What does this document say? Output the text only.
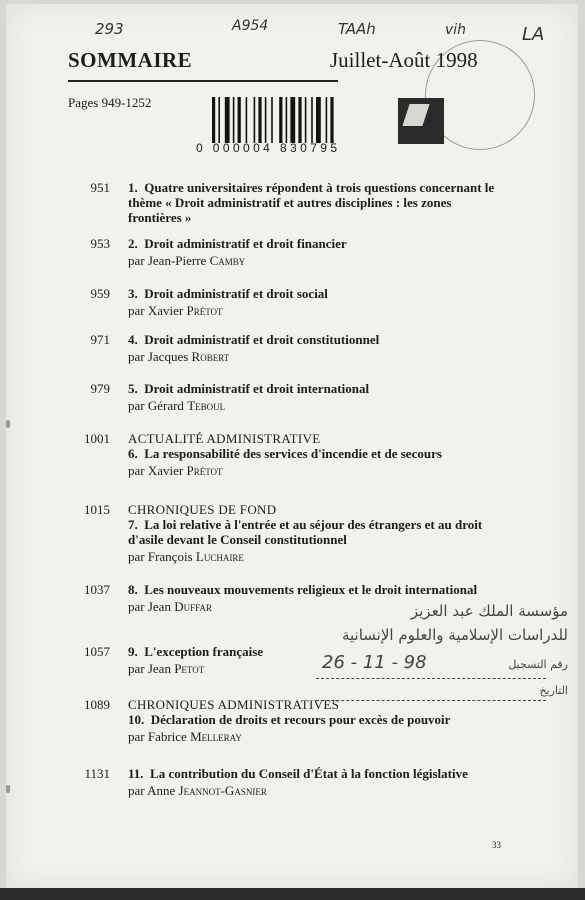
293	A954	TAAh	vih	LA
SOMMAIRE	Juillet-Août 1998
Pages 949-1252
0 000004 830795
951 1. Quatre universitaires répondent à trois questions concernant le thème « Droit administratif et autres disciplines : les zones frontières »
953 2. Droit administratif et droit financier
par Jean-Pierre Camby
959 3. Droit administratif et droit social
par Xavier Prétot
971 4. Droit administratif et droit constitutionnel
par Jacques Robert
979 5. Droit administratif et droit international
par Gérard Teboul
1001 ACTUALITÉ ADMINISTRATIVE
6. La responsabilité des services d'incendie et de secours
par Xavier Prétot
1015 CHRONIQUES DE FOND
7. La loi relative à l'entrée et au séjour des étrangers et au droit d'asile devant le Conseil constitutionnel
par François Luchaire
1037 8. Les nouveaux mouvements religieux et le droit international
par Jean Duffar
1057 9. L'exception française
par Jean Petot
1089 CHRONIQUES ADMINISTRATIVES
10. Déclaration de droits et recours pour excès de pouvoir
par Fabrice Melleray
1131 11. La contribution du Conseil d'État à la fonction législative
par Anne Jeannot-Gasnier
مؤسسة الملك عبد العزيز
للدراسات الإسلامية والعلوم الإنسانية
رقم التسجيل
26 - 11 - 98
التاريخ
33
